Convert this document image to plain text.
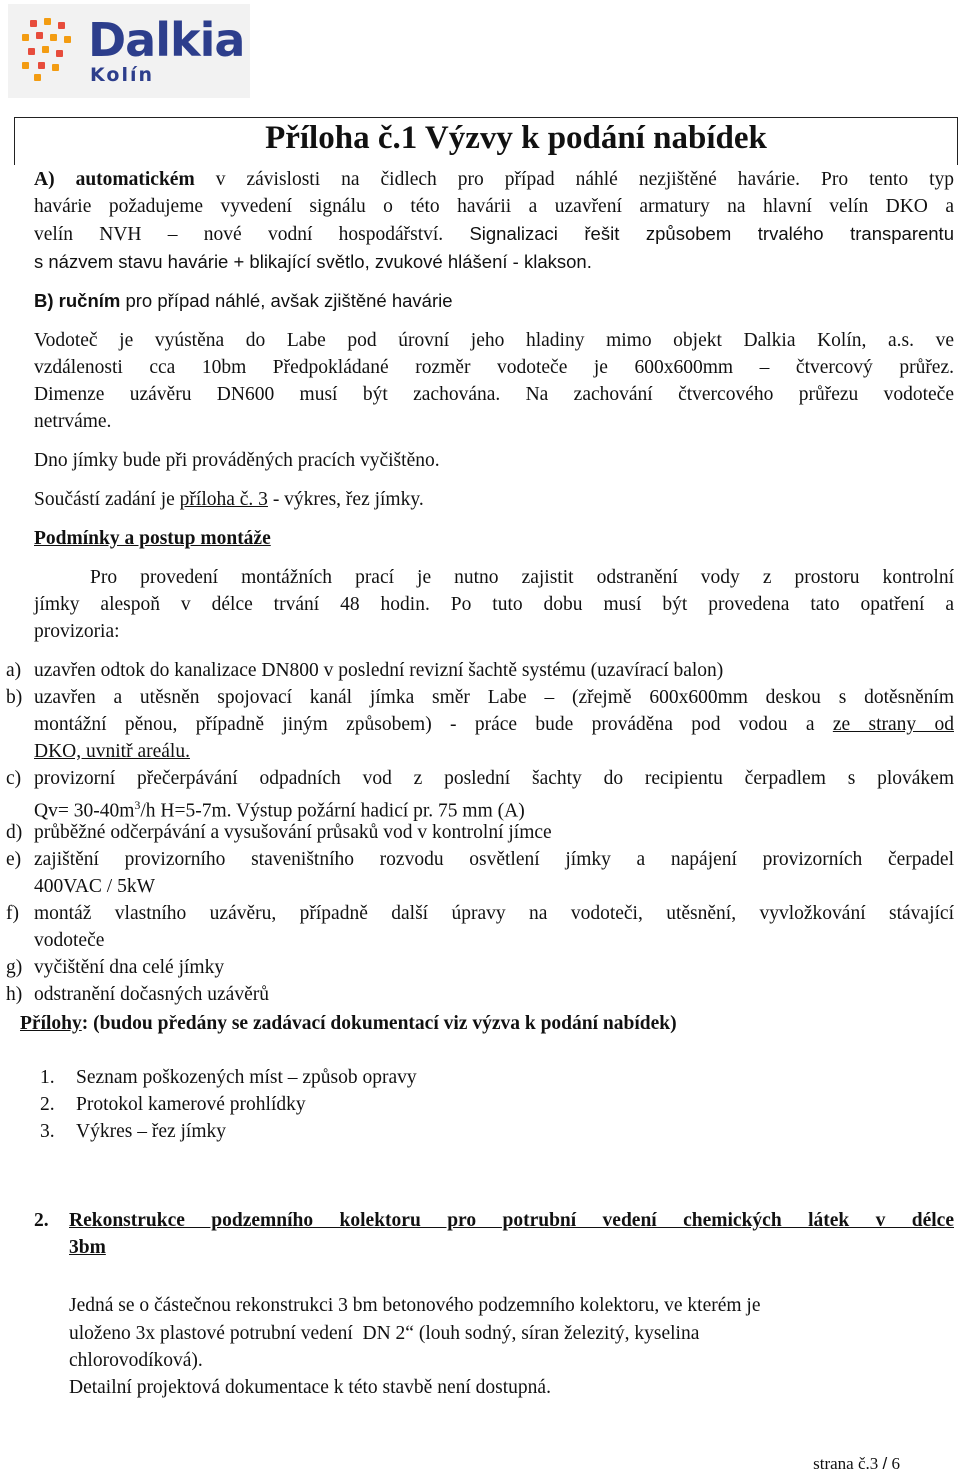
Dalkia
Kolín
Příloha č.1 Výzvy k podání nabídek
A) automatickém v závislosti na čidlech pro případ náhlé nezjištěné havárie. Pro tento typ
havárie požadujeme vyvedení signálu o této havárii a uzavření armatury na hlavní velín DKO a
velín NVH – nové vodní hospodářství. Signalizaci řešit způsobem trvalého transparentu
s názvem stavu havárie + blikající světlo, zvukové hlášení - klakson.
B) ručním pro případ náhlé, avšak zjištěné havárie
Vodoteč je vyústěna do Labe pod úrovní jeho hladiny mimo objekt Dalkia Kolín, a.s. ve
vzdálenosti cca 10bm Předpokládané rozměr vodoteče je 600x600mm – čtvercový průřez.
Dimenze uzávěru DN600 musí být zachována. Na zachování čtvercového průřezu vodoteče
netrváme.
Dno jímky bude při prováděných pracích vyčištěno.
Součástí zadání je příloha č. 3 - výkres, řez jímky.
Podmínky a postup montáže
Pro provedení montážních prací je nutno zajistit odstranění vody z prostoru kontrolní
jímky alespoň v délce trvání 48 hodin. Po tuto dobu musí být provedena tato opatření a
provizoria:
a) uzavřen odtok do kanalizace DN800 v poslední revizní šachtě systému (uzavírací balon)
b) uzavřen a utěsněn spojovací kanál jímka směr Labe – (zřejmě 600x600mm deskou s dotěsněním
montážní pěnou, případně jiným způsobem) - práce bude prováděna pod vodou a ze strany od
DKO, uvnitř areálu.
c) provizorní přečerpávání odpadních vod z poslední šachty do recipientu čerpadlem s plovákem
$Qv= 30-40m^3/h$ H=5-7m. Výstup požární hadicí pr. 75 mm (A)
d) průběžné odčerpávání a vysušování průsaků vod v kontrolní jímce
e) zajištění provizorního staveništního rozvodu osvětlení jímky a napájení provizorních čerpadel
400VAC / 5kW
f) montáž vlastního uzávěru, případně další úpravy na vodoteči, utěsnění, vyvložkování stávající
vodoteče
g) vyčištění dna celé jímky
h) odstranění dočasných uzávěrů
Přílohy: (budou předány se zadávací dokumentací viz výzva k podání nabídek)
1. Seznam poškozených míst – způsob opravy
2. Protokol kamerové prohlídky
3. Výkres – řez jímky
2. Rekonstrukce podzemního kolektoru pro potrubní vedení chemických látek v délce
3bm
Jedná se o částečnou rekonstrukci 3 bm betonového podzemního kolektoru, ve kterém je
uloženo 3x plastové potrubní vedení  DN 2“ (louh sodný, síran železitý, kyselina
chlorovodíková).
Detailní projektová dokumentace k této stavbě není dostupná.
strana č.3 / 6
